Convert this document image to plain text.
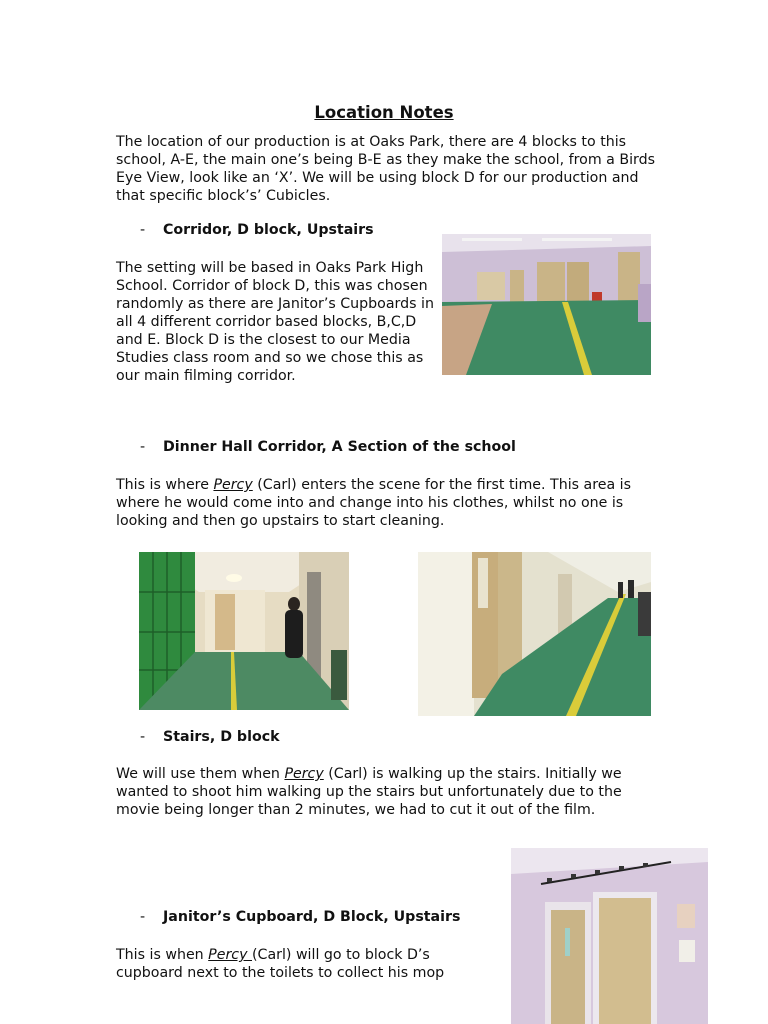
Location Notes

The location of our production is at Oaks Park, there are 4 blocks to this school, A-E, the main one’s being B-E as they make the school, from a Birds Eye View, look like an ‘X’. We will be using block D for our production and that specific block’s’ Cubicles.

- Corridor, D block, Upstairs

The setting will be based in Oaks Park High School. Corridor of block D, this was chosen randomly as there are Janitor’s Cupboards in all 4 different corridor based blocks, B,C,D and E. Block D is the closest to our Media Studies class room and so we chose this as our main filming corridor.

- Dinner Hall Corridor, A Section of the school

This is where Percy (Carl) enters the scene for the first time. This area is where he would come into and change into his clothes, whilst no one is looking and then go upstairs to start cleaning.

- Stairs, D block

We will use them when Percy (Carl) is walking up the stairs. Initially we wanted to shoot him walking up the stairs but unfortunately due to the movie being longer than 2 minutes, we had to cut it out of the film.

- Janitor’s Cupboard, D Block, Upstairs

This is when Percy (Carl) will go to block D’s cupboard next to the toilets to collect his mop
